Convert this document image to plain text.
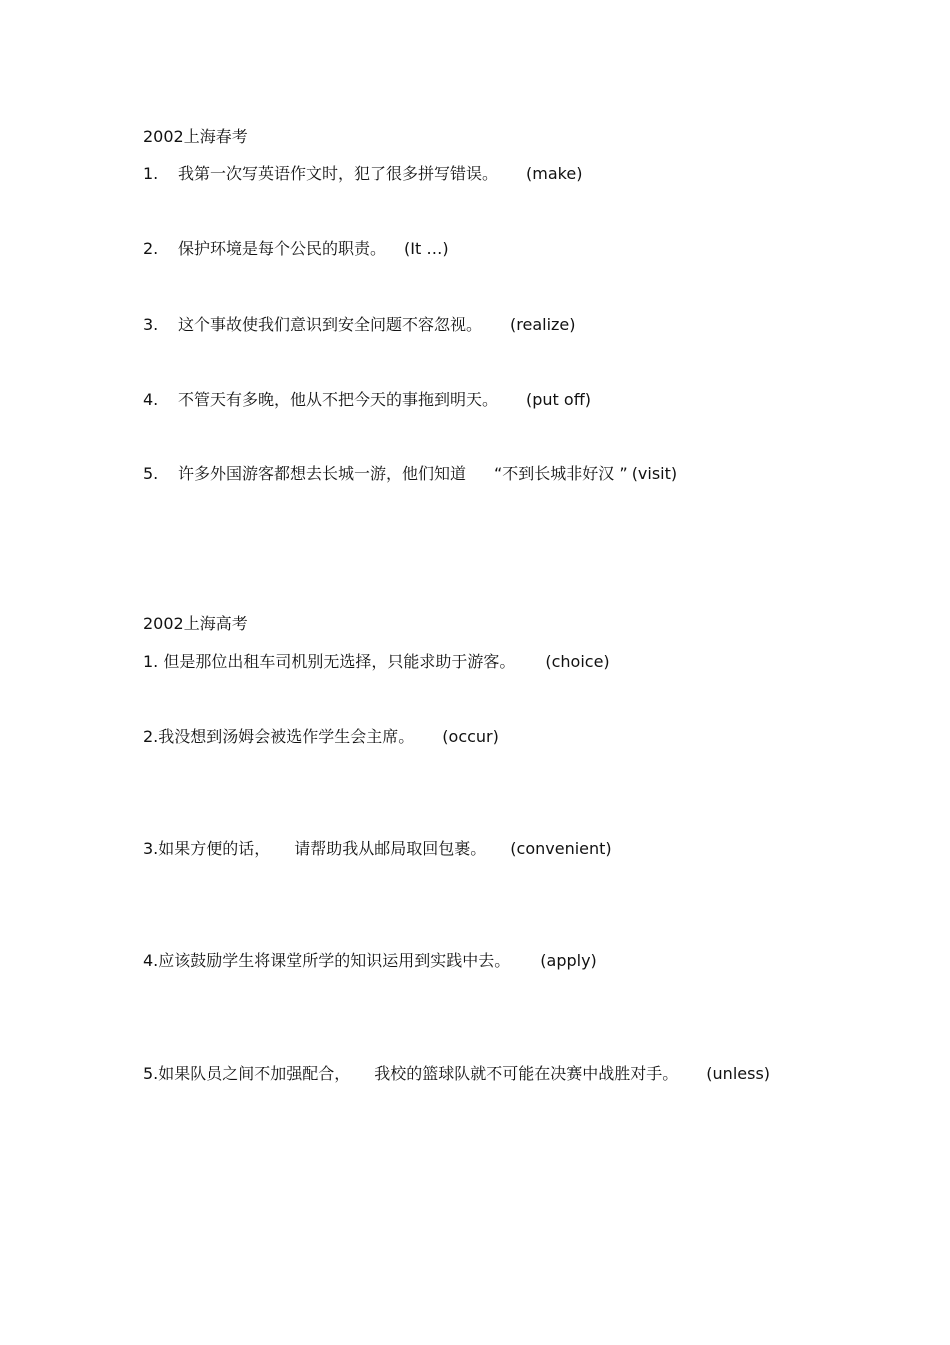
2002上海春考
1. 我第一次写英语作文时，犯了很多拼写错误。 (make)
2. 保护环境是每个公民的职责。 (It …)
3. 这个事故使我们意识到安全问题不容忽视。 (realize)
4. 不管天有多晚，他从不把今天的事拖到明天。 (put off)
5. 许多外国游客都想去长城一游，他们知道 “不到长城非好汉 ” (visit)
2002上海高考
1. 但是那位出租车司机别无选择，只能求助于游客。 (choice)
2.我没想到汤姆会被选作学生会主席。 (occur)
3.如果方便的话， 请帮助我从邮局取回包裹。 (convenient)
4.应该鼓励学生将课堂所学的知识运用到实践中去。 (apply)
5.如果队员之间不加强配合， 我校的篮球队就不可能在决赛中战胜对手。 (unless)
